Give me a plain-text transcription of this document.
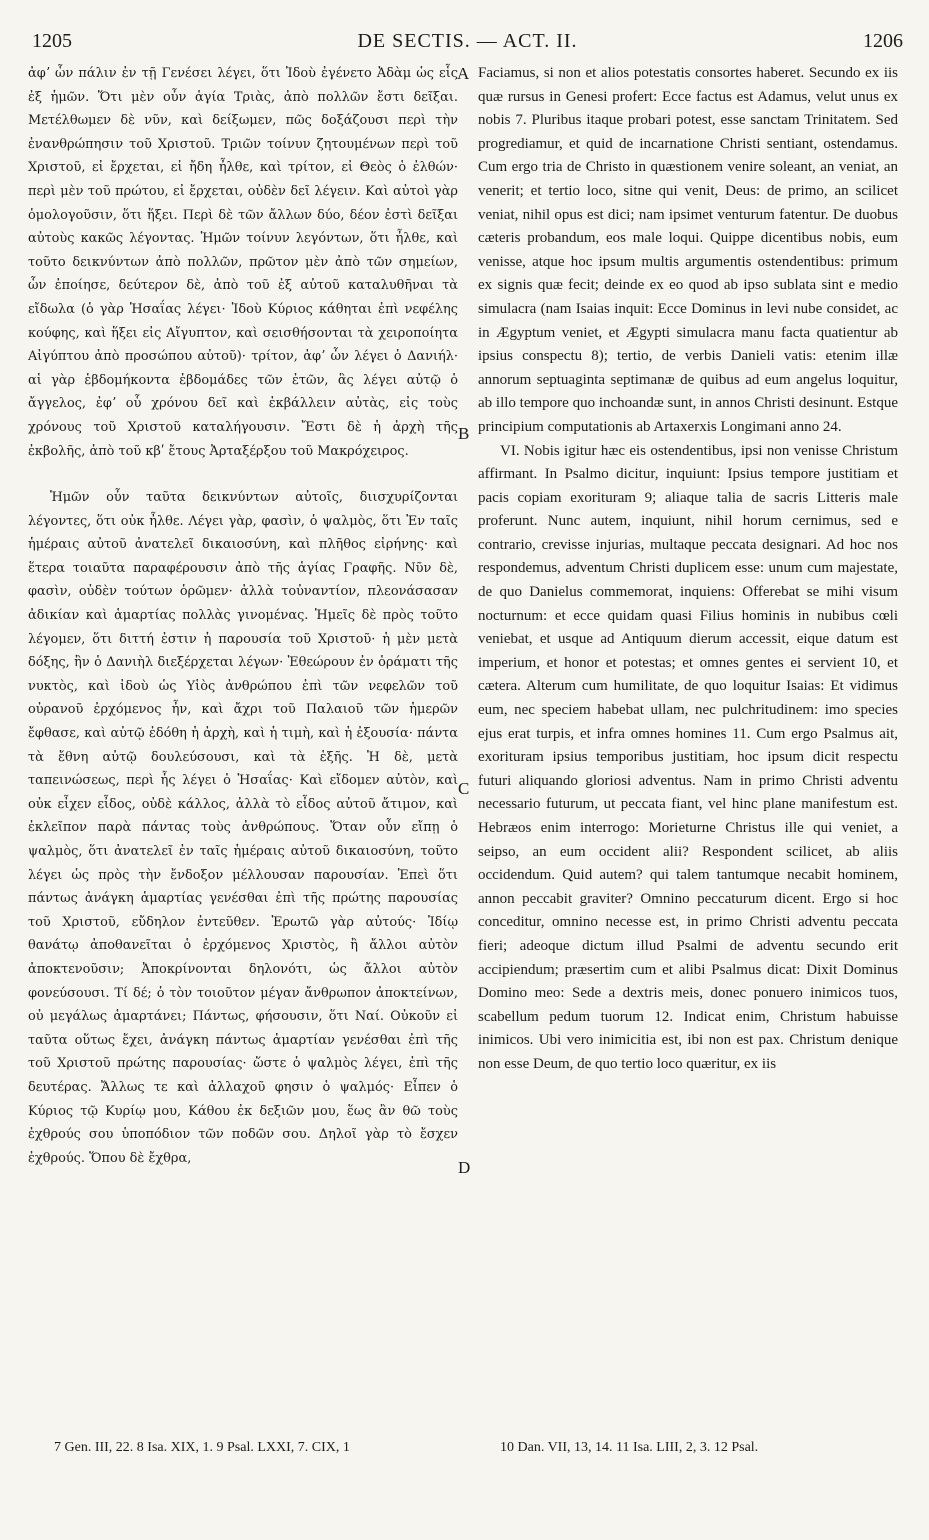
1205	DE SECTIS. — ACT. II.	1206

ἀφʼ ὧν πάλιν ἐν τῇ Γενέσει λέγει, ὅτι Ἰδοὺ ἐγένετο Ἀδὰμ ὡς εἷς ἐξ ἡμῶν. Ὅτι μὲν οὖν ἁγία Τριὰς, ἀπὸ πολλῶν ἔστι δεῖξαι. Μετέλθωμεν δὲ νῦν, καὶ δείξωμεν, πῶς δοξάζουσι περὶ τὴν ἐνανθρώπησιν τοῦ Χριστοῦ. Τριῶν τοίνυν ζητουμένων περὶ τοῦ Χριστοῦ, εἰ ἔρχεται, εἰ ἤδη ἦλθε, καὶ τρίτον, εἰ Θεὸς ὁ ἐλθών· περὶ μὲν τοῦ πρώτου, εἰ ἔρχεται, οὐδὲν δεῖ λέγειν. Καὶ αὐτοὶ γὰρ ὁμολογοῦσιν, ὅτι ἥξει. Περὶ δὲ τῶν ἄλλων δύο, δέον ἐστὶ δεῖξαι αὐτοὺς κακῶς λέγοντας. Ἡμῶν τοίνυν λεγόντων, ὅτι ἦλθε, καὶ τοῦτο δεικνύντων ἀπὸ πολλῶν, πρῶτον μὲν ἀπὸ τῶν σημείων, ὧν ἐποίησε, δεύτερον δὲ, ἀπὸ τοῦ ἐξ αὐτοῦ καταλυθῆναι τὰ εἴδωλα (ὁ γὰρ Ἡσαΐας λέγει· Ἰδοὺ Κύριος κάθηται ἐπὶ νεφέλης κούφης, καὶ ἥξει εἰς Αἴγυπτον, καὶ σεισθήσονται τὰ χειροποίητα Αἰγύπτου ἀπὸ προσώπου αὐτοῦ)· τρίτον, ἀφʼ ὧν λέγει ὁ Δανιήλ· αἱ γὰρ ἑβδομήκοντα ἑβδομάδες τῶν ἐτῶν, ἃς λέγει αὐτῷ ὁ ἄγγελος, ἐφʼ οὗ χρόνου δεῖ καὶ ἐκβάλλειν αὐτὰς, εἰς τοὺς χρόνους τοῦ Χριστοῦ καταλήγουσιν. Ἔστι δὲ ἡ ἀρχὴ τῆς ἐκβολῆς, ἀπὸ τοῦ κβʹ ἔτους Ἀρταξέρξου τοῦ Μακρόχειρος.

Ἡμῶν οὖν ταῦτα δεικνύντων αὐτοῖς, διισχυρίζονται λέγοντες, ὅτι οὐκ ἦλθε. Λέγει γὰρ, φασὶν, ὁ ψαλμὸς, ὅτι Ἐν ταῖς ἡμέραις αὐτοῦ ἀνατελεῖ δικαιοσύνη, καὶ πλῆθος εἰρήνης· καὶ ἕτερα τοιαῦτα παραφέρουσιν ἀπὸ τῆς ἁγίας Γραφῆς. Νῦν δὲ, φασὶν, οὐδὲν τούτων ὁρῶμεν· ἀλλὰ τοὐναντίον, πλεονάσασαν ἀδικίαν καὶ ἁμαρτίας πολλὰς γινομένας. Ἡμεῖς δὲ πρὸς τοῦτο λέγομεν, ὅτι διττή ἐστιν ἡ παρουσία τοῦ Χριστοῦ· ἡ μὲν μετὰ δόξης, ἣν ὁ Δανιὴλ διεξέρχεται λέγων· Ἐθεώρουν ἐν ὁράματι τῆς νυκτὸς, καὶ ἰδοὺ ὡς Υἱὸς ἀνθρώπου ἐπὶ τῶν νεφελῶν τοῦ οὐρανοῦ ἐρχόμενος ἦν, καὶ ἄχρι τοῦ Παλαιοῦ τῶν ἡμερῶν ἔφθασε, καὶ αὐτῷ ἐδόθη ἡ ἀρχὴ, καὶ ἡ τιμὴ, καὶ ἡ ἐξουσία· πάντα τὰ ἔθνη αὐτῷ δουλεύσουσι, καὶ τὰ ἑξῆς. Ἡ δὲ, μετὰ ταπεινώσεως, περὶ ἧς λέγει ὁ Ἡσαΐας· Καὶ εἴδομεν αὐτὸν, καὶ οὐκ εἶχεν εἶδος, οὐδὲ κάλλος, ἀλλὰ τὸ εἶδος αὐτοῦ ἄτιμον, καὶ ἐκλεῖπον παρὰ πάντας τοὺς ἀνθρώπους. Ὅταν οὖν εἴπῃ ὁ ψαλμὸς, ὅτι ἀνατελεῖ ἐν ταῖς ἡμέραις αὐτοῦ δικαιοσύνη, τοῦτο λέγει ὡς πρὸς τὴν ἔνδοξον μέλλουσαν παρουσίαν. Ἐπεὶ ὅτι πάντως ἀνάγκη ἁμαρτίας γενέσθαι ἐπὶ τῆς πρώτης παρουσίας τοῦ Χριστοῦ, εὔδηλον ἐντεῦθεν. Ἐρωτῶ γὰρ αὐτούς· Ἰδίῳ θανάτῳ ἀποθανεῖται ὁ ἐρχόμενος Χριστὸς, ἢ ἄλλοι αὐτὸν ἀποκτενοῦσιν; Ἀποκρίνονται δηλονότι, ὡς ἄλλοι αὐτὸν φονεύσουσι. Τί δέ; ὁ τὸν τοιοῦτον μέγαν ἄνθρωπον ἀποκτείνων, οὐ μεγάλως ἁμαρτάνει; Πάντως, φήσουσιν, ὅτι Ναί. Οὐκοῦν εἰ ταῦτα οὕτως ἔχει, ἀνάγκη πάντως ἁμαρτίαν γενέσθαι ἐπὶ τῆς τοῦ Χριστοῦ πρώτης παρουσίας· ὥστε ὁ ψαλμὸς λέγει, ἐπὶ τῆς δευτέρας. Ἄλλως τε καὶ ἀλλαχοῦ φησιν ὁ ψαλμός· Εἶπεν ὁ Κύριος τῷ Κυρίῳ μου, Κάθου ἐκ δεξιῶν μου, ἕως ἂν θῶ τοὺς ἐχθρούς σου ὑποπόδιον τῶν ποδῶν σου. Δηλοῖ γὰρ τὸ ἔσχεν ἐχθρούς. Ὅπου δὲ ἔχθρα,

Faciamus, si non et alios potestatis consortes haberet. Secundo ex iis quæ rursus in Genesi profert: Ecce factus est Adamus, velut unus ex nobis 7. Pluribus itaque probari potest, esse sanctam Trinitatem. Sed progrediamur, et quid de incarnatione Christi sentiant, ostendamus. Cum ergo tria de Christo in quæstionem venire soleant, an veniat, an venerit; et tertio loco, sitne qui venit, Deus: de primo, an scilicet veniat, nihil opus est dici; nam ipsimet venturum fatentur. De duobus cæteris probandum, eos male loqui. Quippe dicentibus nobis, eum venisse, atque hoc ipsum multis argumentis ostendentibus: primum ex signis quæ fecit; deinde ex eo quod ab ipso sublata sint e medio simulacra (nam Isaias inquit: Ecce Dominus in levi nube considet, ac in Ægyptum veniet, et Ægypti simulacra manu facta quatientur ab ipsius conspectu 8); tertio, de verbis Danieli vatis: etenim illæ annorum septuaginta septimanæ de quibus ad eum angelus loquitur, ab illo tempore quo inchoandæ sunt, in annos Christi desinunt. Estque principium computationis ab Artaxerxis Longimani anno 24.

VI. Nobis igitur hæc eis ostendentibus, ipsi non venisse Christum affirmant. In Psalmo dicitur, inquiunt: Ipsius tempore justitiam et pacis copiam exorituram 9; aliaque talia de sacris Litteris male proferunt. Nunc autem, inquiunt, nihil horum cernimus, sed e contrario, crevisse injurias, multaque peccata designari. Ad hoc nos respondemus, adventum Christi duplicem esse: unum cum majestate, de quo Danielus commemorat, inquiens: Offerebat se mihi visum nocturnum: et ecce quidam quasi Filius hominis in nubibus cœli veniebat, et usque ad Antiquum dierum accessit, eique datum est imperium, et honor et potestas; et omnes gentes ei servient 10, et cætera. Alterum cum humilitate, de quo loquitur Isaias: Et vidimus eum, nec speciem habebat ullam, nec pulchritudinem: imo species ejus erat turpis, et infra omnes homines 11. Cum ergo Psalmus ait, exorituram ipsius temporibus justitiam, hoc ipsum dicit respectu futuri aliquando gloriosi adventus. Nam in primo Christi adventu necessario futurum, ut peccata fiant, vel hinc plane manifestum est. Hebræos enim interrogo: Morieturne Christus ille qui veniet, a seipso, an eum occident alii? Respondent scilicet, ab aliis occidendum. Quid autem? qui talem tantumque necabit hominem, annon peccabit graviter? Omnino peccaturum dicent. Ergo si hoc conceditur, omnino necesse est, in primo Christi adventu peccata fieri; adeoque dictum illud Psalmi de adventu secundo erit accipiendum; præsertim cum et alibi Psalmus dicat: Dixit Dominus Domino meo: Sede a dextris meis, donec ponuero inimicos tuos, scabellum pedum tuorum 12. Indicat enim, Christum habuisse inimicos. Ubi vero inimicitia est, ibi non est pax. Christum denique non esse Deum, de quo tertio loco quæritur, ex iis

A
B
C
D
7 Gen. III, 22. 8 Isa. XIX, 1. 9 Psal. LXXI, 7. CIX, 1	10 Dan. VII, 13, 14. 11 Isa. LIII, 2, 3. 12 Psal.
